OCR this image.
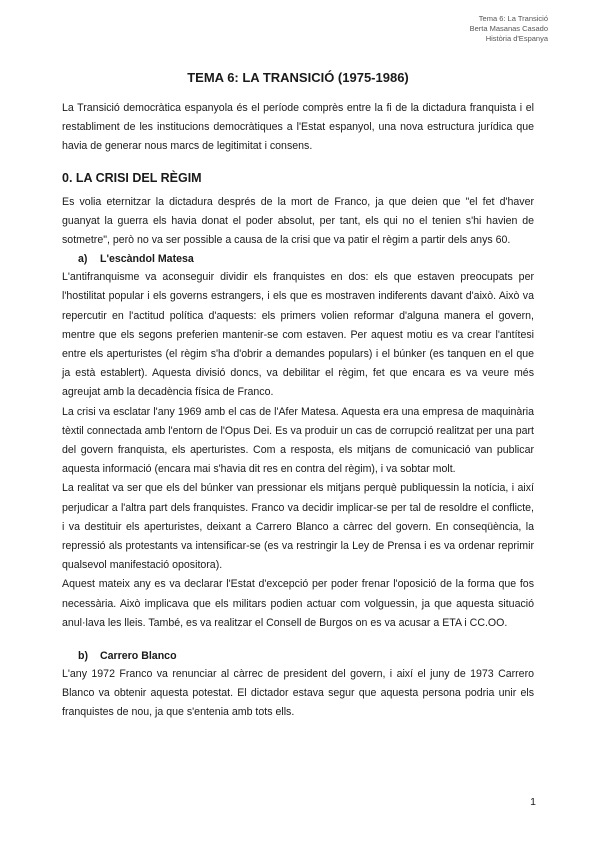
Tema 6: La Transició
Berta Masanas Casado
Història d'Espanya
TEMA 6: LA TRANSICIÓ (1975-1986)

La Transició democràtica espanyola és el període comprès entre la fi de la dictadura franquista i el restabliment de les institucions democràtiques a l'Estat espanyol, una nova estructura jurídica que havia de generar nous marcs de legitimitat i consens.

0. LA CRISI DEL RÈGIM

Es volia eternitzar la dictadura després de la mort de Franco, ja que deien que "el fet d'haver guanyat la guerra els havia donat el poder absolut, per tant, els qui no el tenien s'hi havien de sotmetre", però no va ser possible a causa de la crisi que va patir el règim a partir dels anys 60.

a) L'escàndol Matesa

L'antifranquisme va aconseguir dividir els franquistes en dos: els que estaven preocupats per l'hostilitat popular i els governs estrangers, i els que es mostraven indiferents davant d'això. Això va repercutir en l'actitud política d'aquests: els primers volien reformar d'alguna manera el govern, mentre que els segons preferien mantenir-se com estaven. Per aquest motiu es va crear l'antítesi entre els aperturistes (el règim s'ha d'obrir a demandes populars) i el búnker (es tanquen en el que ja està establert). Aquesta divisió doncs, va debilitar el règim, fet que encara es va veure més agreujat amb la decadència física de Franco.

La crisi va esclatar l'any 1969 amb el cas de l'Afer Matesa. Aquesta era una empresa de maquinària tèxtil connectada amb l'entorn de l'Opus Dei. Es va produir un cas de corrupció realitzat per una part del govern franquista, els aperturistes. Com a resposta, els mitjans de comunicació van publicar aquesta informació (encara mai s'havia dit res en contra del règim), i va sobtar molt.

La realitat va ser que els del búnker van pressionar els mitjans perquè publiquessin la notícia, i així perjudicar a l'altra part dels franquistes. Franco va decidir implicar-se per tal de resoldre el conflicte, i va destituir els aperturistes, deixant a Carrero Blanco a càrrec del govern. En conseqüència, la repressió als protestants va intensificar-se (es va restringir la Ley de Prensa i es va ordenar reprimir qualsevol manifestació opositora).

Aquest mateix any es va declarar l'Estat d'excepció per poder frenar l'oposició de la forma que fos necessària. Això implicava que els militars podien actuar com volguessin, ja que aquesta situació anul·lava les lleis. També, es va realitzar el Consell de Burgos on es va acusar a ETA i CC.OO.

b) Carrero Blanco

L'any 1972 Franco va renunciar al càrrec de president del govern, i així el juny de 1973 Carrero Blanco va obtenir aquesta potestat. El dictador estava segur que aquesta persona podria unir els franquistes de nou, ja que s'entenia amb tots ells.

1
